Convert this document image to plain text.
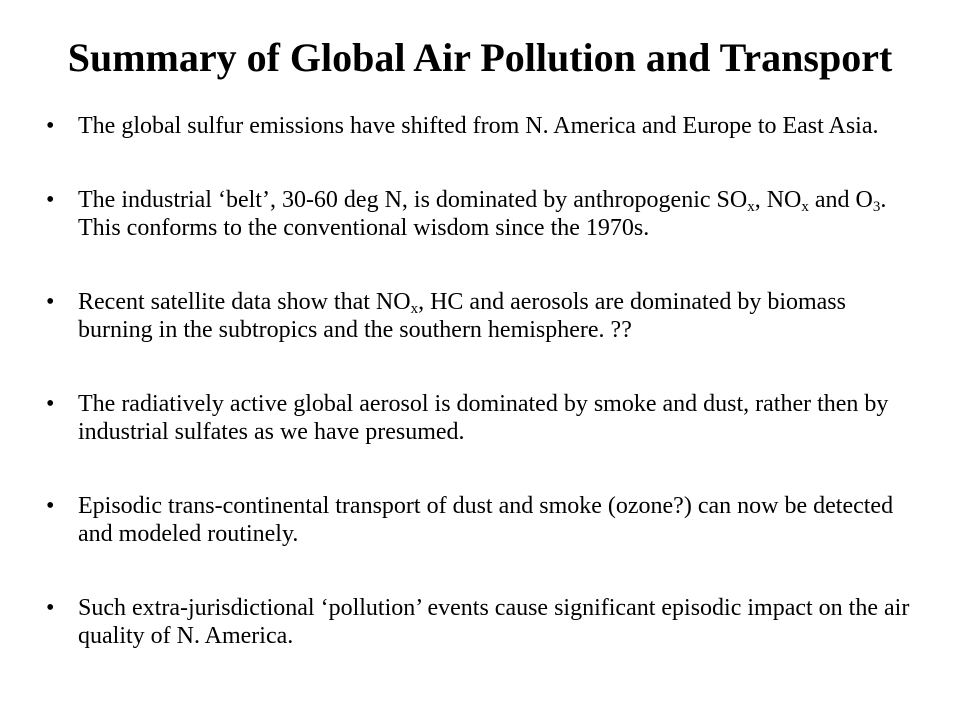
Summary of Global Air Pollution and Transport
• The global sulfur emissions have shifted from N. America and Europe to East Asia.
• The industrial ‘belt’, 30-60 deg N, is dominated by anthropogenic $SO_x$, $NO_x$ and $O_3$. This conforms to the conventional wisdom since the 1970s.
• Recent satellite data show that $NO_x$, HC and aerosols are dominated by biomass burning in the subtropics and the southern hemisphere. ??
• The radiatively active global aerosol is dominated by smoke and dust, rather then by industrial sulfates as we have presumed.
• Episodic trans-continental transport of dust and smoke (ozone?) can now be detected and modeled routinely.
• Such extra-jurisdictional ‘pollution’ events cause significant episodic impact on the air quality of N. America.
